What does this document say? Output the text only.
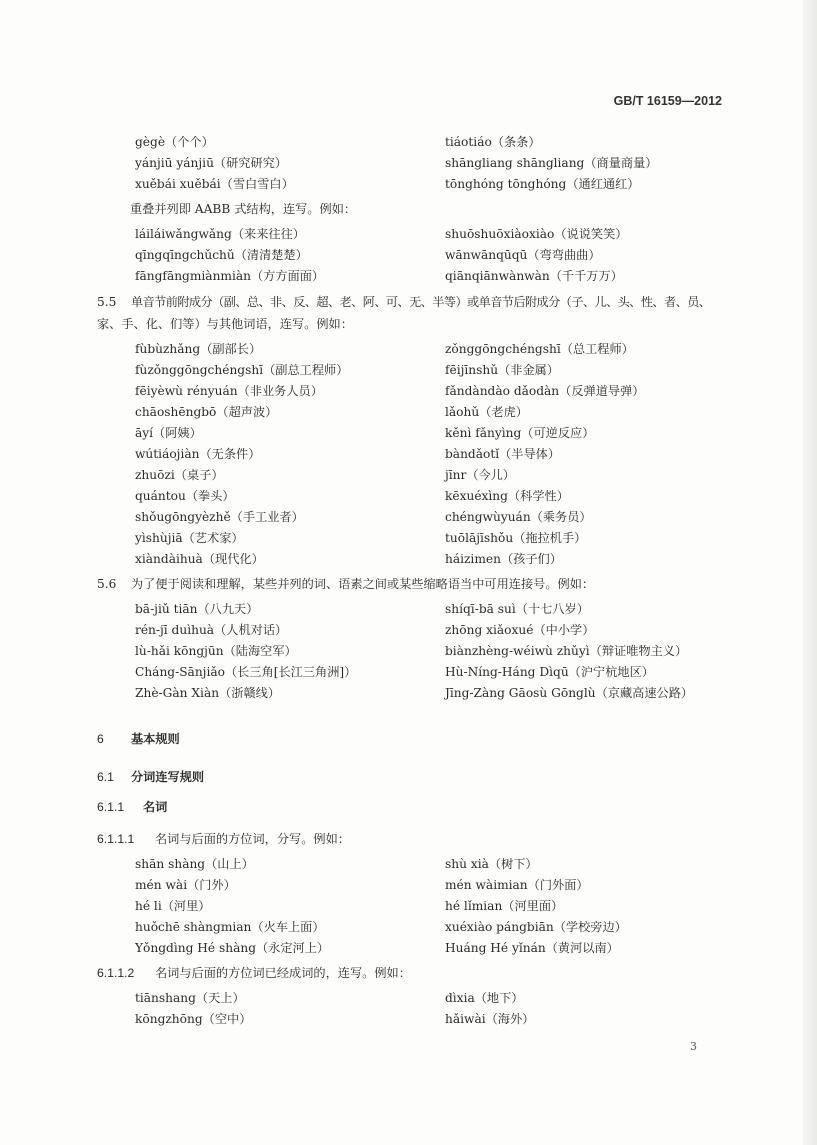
GB/T 16159—2012
gègè（个个）	tiáotiáo（条条）
yánjiū yánjiū（研究研究）	shāngliang shāngliang（商量商量）
xuěbái xuěbái（雪白雪白）	tōnghóng tōnghóng（通红通红）
重叠并列即 AABB 式结构，连写。例如：
láiláiwǎngwǎng（来来往往）	shuōshuōxiàoxiào（说说笑笑）
qīngqīngchǔchǔ（清清楚楚）	wānwānqūqū（弯弯曲曲）
fāngfāngmiànmiàn（方方面面）	qiānqiānwànwàn（千千万万）
5.5 单音节前附成分（副、总、非、反、超、老、阿、可、无、半等）或单音节后附成分（子、儿、头、性、者、员、
家、手、化、们等）与其他词语，连写。例如：
fùbùzhǎng（副部长）	zǒnggōngchéngshī（总工程师）
fùzǒnggōngchéngshī（副总工程师）	fēijīnshǔ（非金属）
fēiyèwù rényuán（非业务人员）	fǎndàndào dǎodàn（反弹道导弹）
chāoshēngbō（超声波）	lǎohǔ（老虎）
āyí（阿姨）	kěnì fǎnyìng（可逆反应）
wútiáojiàn（无条件）	bàndǎotǐ（半导体）
zhuōzi（桌子）	jīnr（今儿）
quántou（拳头）	kēxuéxìng（科学性）
shǒugōngyèzhě（手工业者）	chéngwùyuán（乘务员）
yìshùjiā（艺术家）	tuōlājīshǒu（拖拉机手）
xiàndàihuà（现代化）	háizimen（孩子们）
5.6 为了便于阅读和理解，某些并列的词、语素之间或某些缩略语当中可用连接号。例如：
bā-jiǔ tiān（八九天）	shíqī-bā suì（十七八岁）
rén-jī duìhuà（人机对话）	zhōng xiǎoxué（中小学）
lù-hǎi kōngjūn（陆海空军）	biànzhèng-wéiwù zhǔyì（辩证唯物主义）
Cháng-Sānjiǎo（长三角[长江三角洲]）	Hù-Níng-Háng Dìqū（沪宁杭地区）
Zhè-Gàn Xiàn（浙赣线）	Jīng-Zàng Gāosù Gōnglù（京藏高速公路）
6 基本规则
6.1 分词连写规则
6.1.1 名词
6.1.1.1 名词与后面的方位词，分写。例如：
shān shàng（山上）	shù xià（树下）
mén wài（门外）	mén wàimian（门外面）
hé li（河里）	hé lǐmian（河里面）
huǒchē shàngmian（火车上面）	xuéxiào pángbiān（学校旁边）
Yǒngdìng Hé shàng（永定河上）	Huáng Hé yǐnán（黄河以南）
6.1.1.2 名词与后面的方位词已经成词的，连写。例如：
tiānshang（天上）	dìxia（地下）
kōngzhōng（空中）	hǎiwài（海外）
3
